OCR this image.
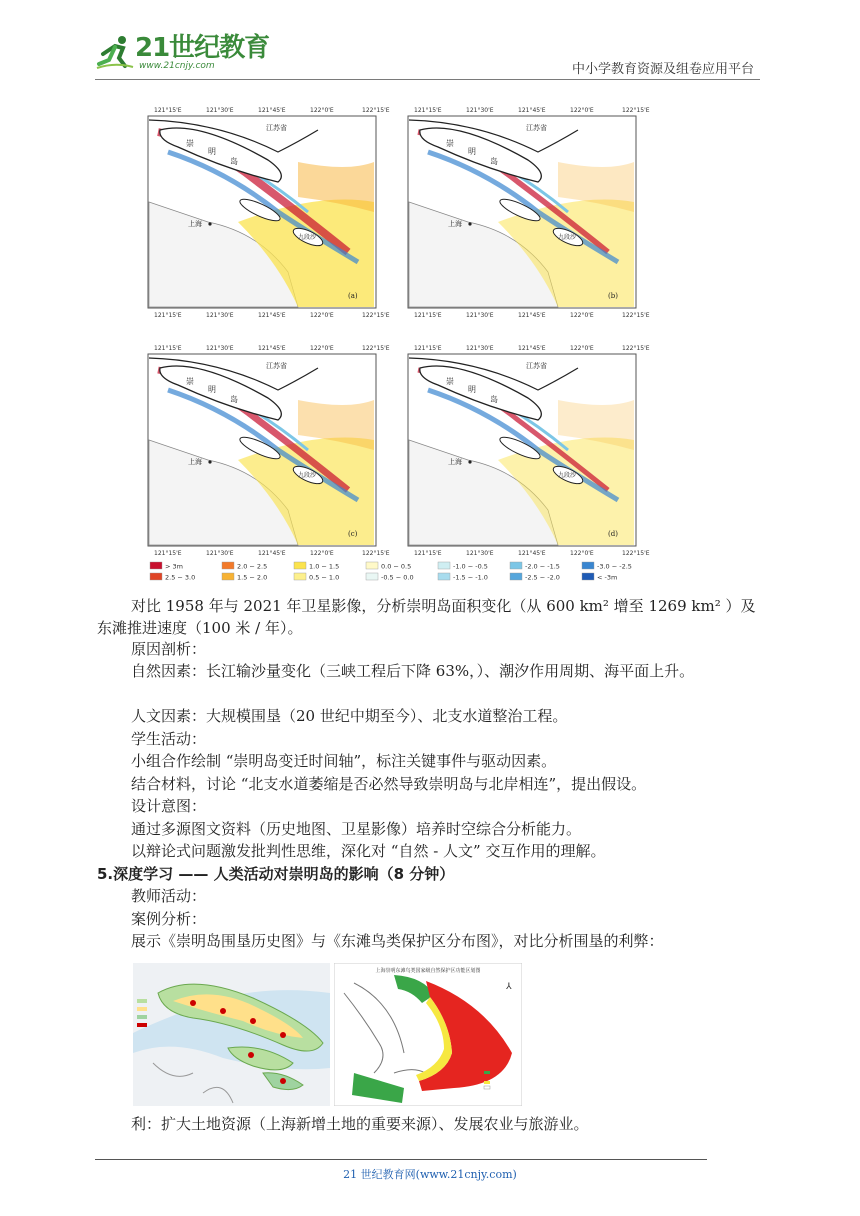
21世纪教育
www.21cnjy.com	中小学教育资源及组卷应用平台
121°15'E
121°15'E
121°30'E
121°30'E
121°45'E
121°45'E
122°0'E
122°0'E
122°15'E
122°15'E
江苏省
崇
明
岛
上海
九段沙
(a)
121°15'E
121°15'E
121°30'E
121°30'E
121°45'E
121°45'E
122°0'E
122°0'E
122°15'E
122°15'E
江苏省
崇
明
岛
上海
九段沙
(b)
121°15'E
121°15'E
121°30'E
121°30'E
121°45'E
121°45'E
122°0'E
122°0'E
122°15'E
122°15'E
江苏省
崇
明
岛
上海
九段沙
(c)
121°15'E
121°15'E
121°30'E
121°30'E
121°45'E
121°45'E
122°0'E
122°0'E
122°15'E
122°15'E
江苏省
崇
明
岛
上海
九段沙
(d)
> 3m	2.0 ~ 2.5	1.0 ~ 1.5	0.0 ~ 0.5	-1.0 ~ -0.5	-2.0 ~ -1.5	-3.0 ~ -2.5
2.5 ~ 3.0	1.5 ~ 2.0	0.5 ~ 1.0	-0.5 ~ 0.0	-1.5 ~ -1.0	-2.5 ~ -2.0	< -3m
对比 1958 年与 2021 年卫星影像，分析崇明岛面积变化（从 600 km² 增至 1269 km² ）及东滩推进速度（100 米 / 年）。
原因剖析：
自然因素：长江输沙量变化（三峡工程后下降 63%，）、潮汐作用周期、海平面上升。
人文因素：大规模围垦（20 世纪中期至今）、北支水道整治工程。
学生活动：
小组合作绘制 “崇明岛变迁时间轴”，标注关键事件与驱动因素。
结合材料，讨论 “北支水道萎缩是否必然导致崇明岛与北岸相连”，提出假设。
设计意图：
通过多源图文资料（历史地图、卫星影像）培养时空综合分析能力。
以辩论式问题激发批判性思维，深化对 “自然 - 人文” 交互作用的理解。
5.深度学习 —— 人类活动对崇明岛的影响（8 分钟）
教师活动：
案例分析：
展示《崇明岛围垦历史图》与《东滩鸟类保护区分布图》，对比分析围垦的利弊：
利：扩大土地资源（上海新增土地的重要来源）、发展农业与旅游业。
上海崇明东滩鸟类国家级自然保护区功能区划图
⅄
21 世纪教育网(www.21cnjy.com)
